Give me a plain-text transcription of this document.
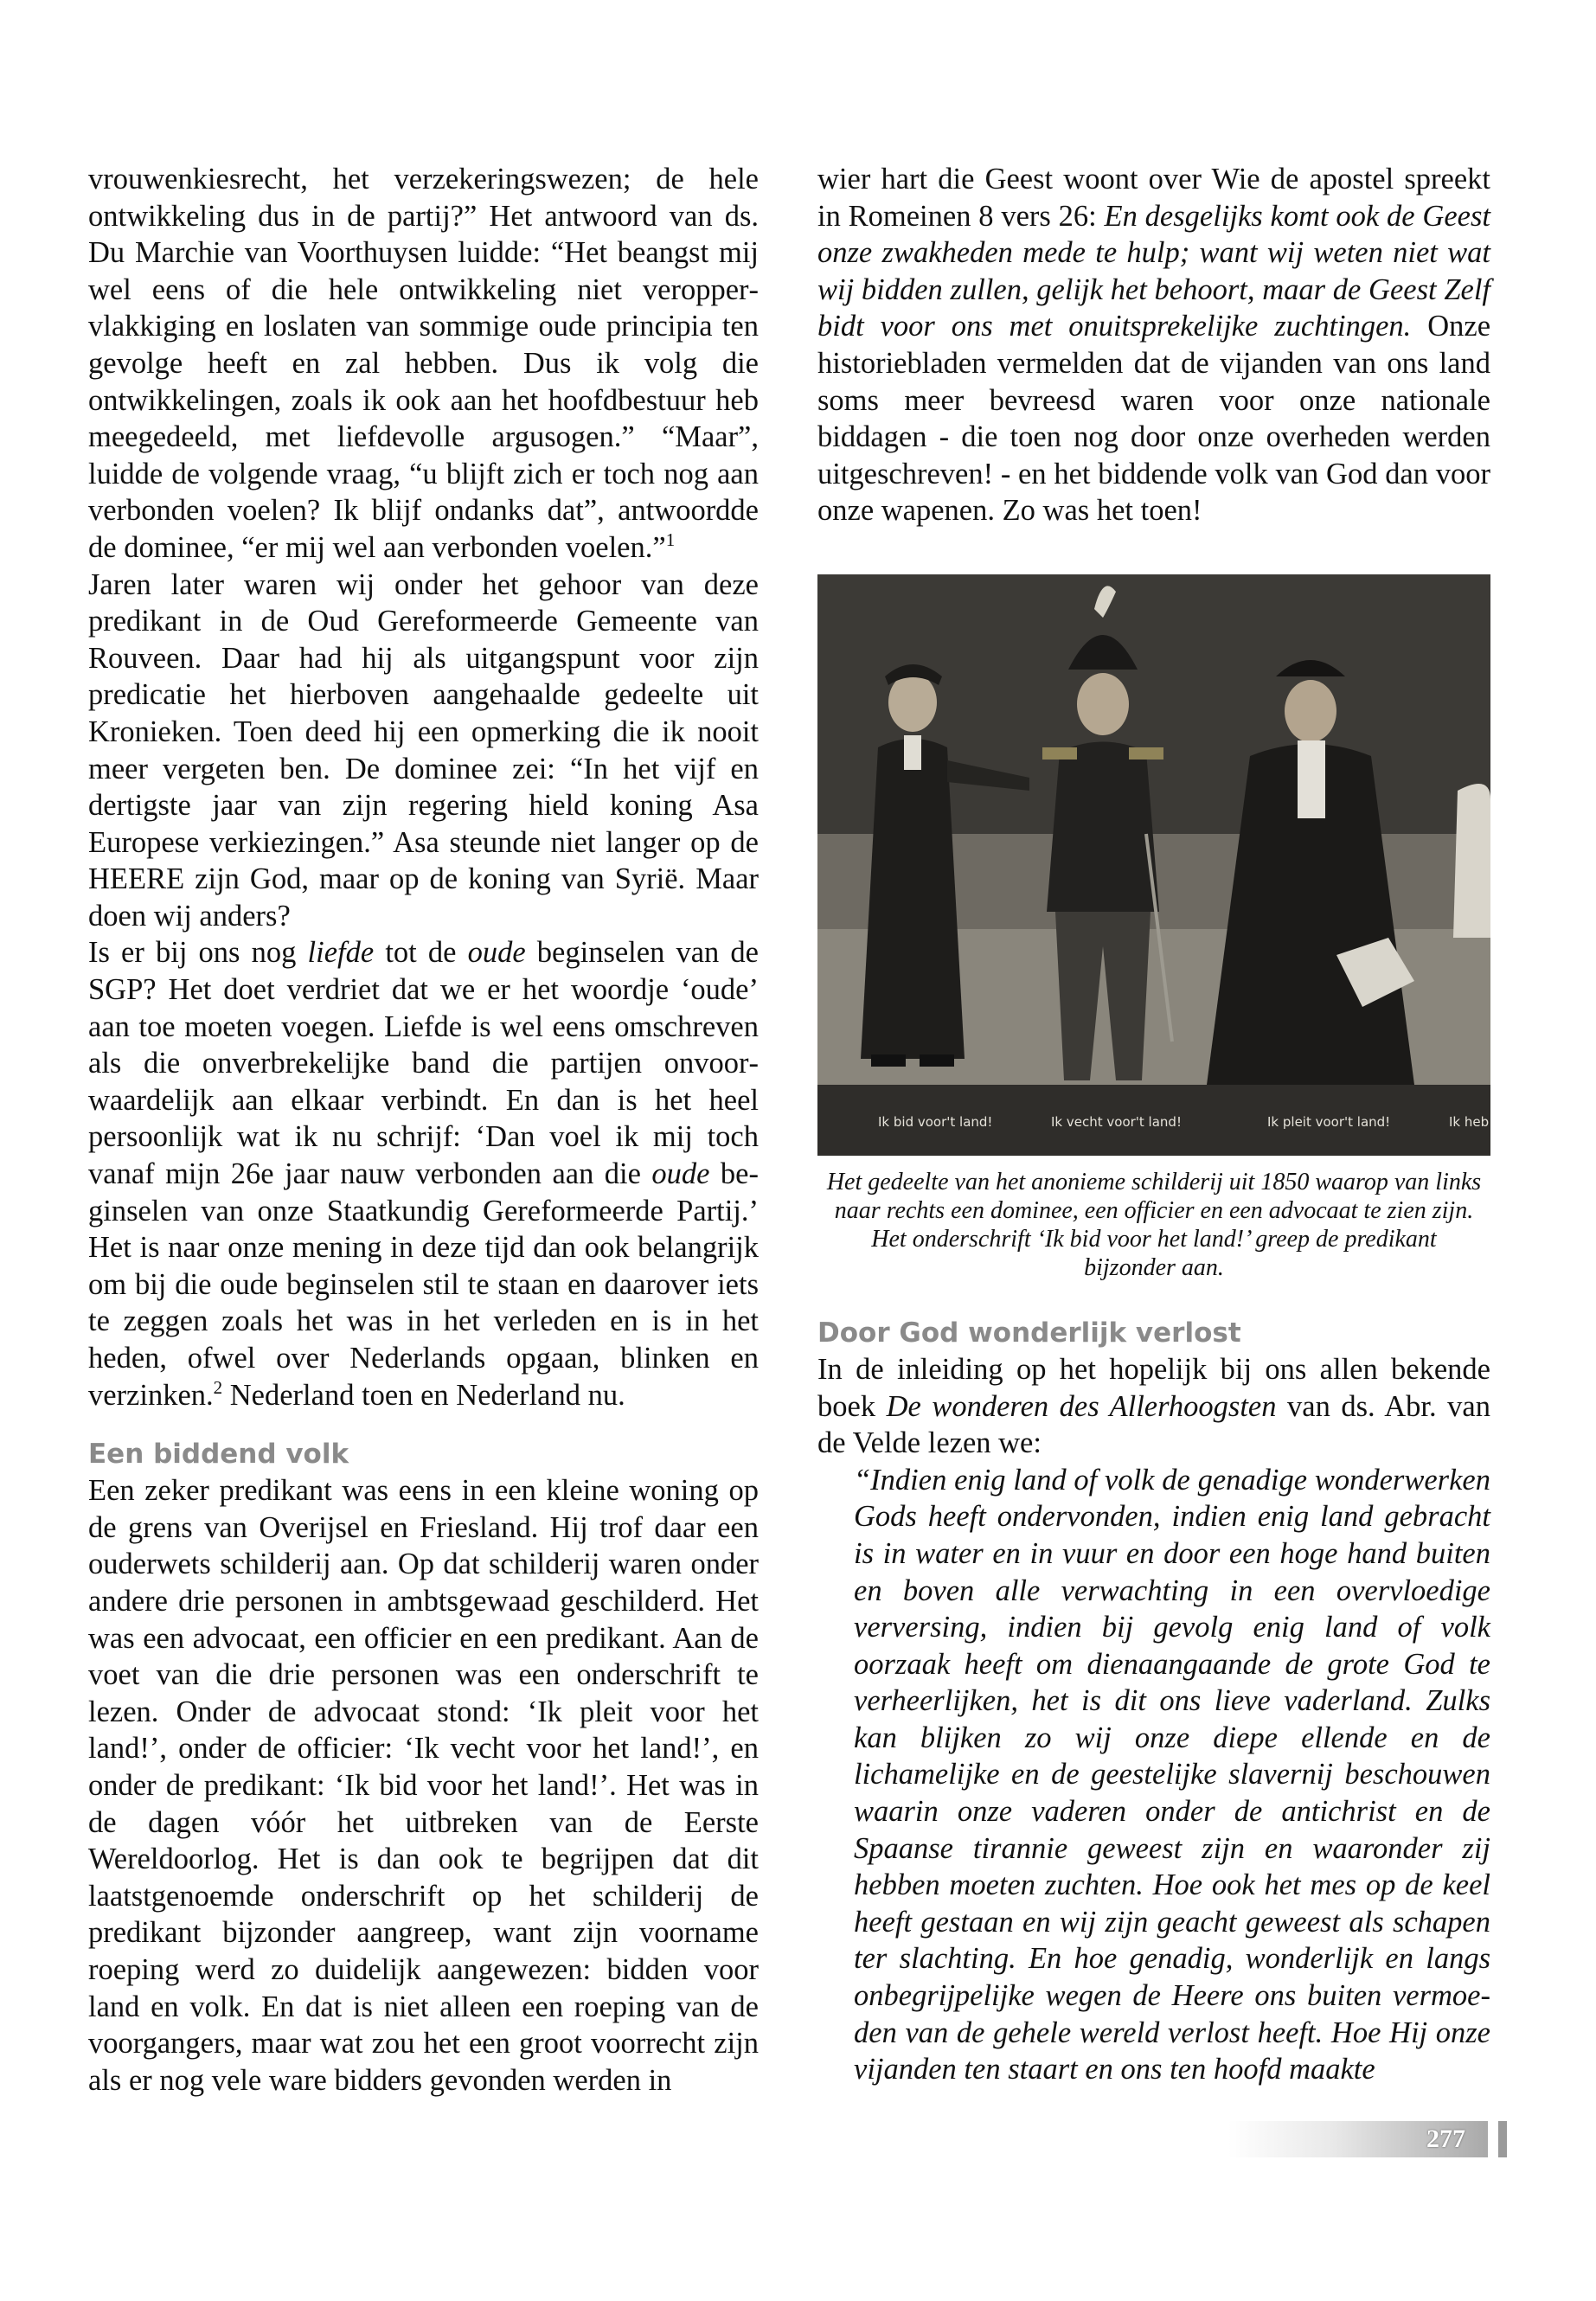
vrouwenkiesrecht, het verzekeringswezen; de hele ontwikkeling dus in de partij?” Het antwoord van ds. Du Marchie van Voorthuysen luidde: “Het beangst mij wel eens of die hele ontwikkeling niet veroppervlakkiging en loslaten van sommige oude principia ten gevolge heeft en zal hebben. Dus ik volg die ontwikkelingen, zoals ik ook aan het hoofdbestuur heb meegedeeld, met liefdevolle argusogen.” “Maar”, luidde de volgende vraag, “u blijft zich er toch nog aan verbonden voelen? Ik blijf ondanks dat”, antwoordde de dominee, “er mij wel aan verbonden voelen.”$^1$

Jaren later waren wij onder het gehoor van deze predikant in de Oud Gereformeerde Gemeente van Rouveen. Daar had hij als uitgangspunt voor zijn predicatie het hierboven aangehaalde gedeelte uit Kronieken. Toen deed hij een opmerking die ik nooit meer vergeten ben. De dominee zei: “In het vijf en dertigste jaar van zijn regering hield koning Asa Europese verkiezingen.” Asa steunde niet langer op de HEERE zijn God, maar op de koning van Syrië. Maar doen wij anders?

Is er bij ons nog liefde tot de oude beginselen van de SGP? Het doet verdriet dat we er het woordje ‘oude’ aan toe moeten voegen. Liefde is wel eens omschreven als die onverbrekelijke band die partijen onvoorwaardelijk aan elkaar verbindt. En dan is het heel persoonlijk wat ik nu schrijf: ‘Dan voel ik mij toch vanaf mijn 26e jaar nauw verbonden aan die oude beginselen van onze Staatkundig Gereformeerde Partij.’ Het is naar onze mening in deze tijd dan ook belangrijk om bij die oude beginselen stil te staan en daarover iets te zeggen zoals het was in het verleden en is in het heden, ofwel over Nederlands opgaan, blinken en verzinken.$^2$ Nederland toen en Nederland nu.

Een biddend volk

Een zeker predikant was eens in een kleine woning op de grens van Overijsel en Friesland. Hij trof daar een ouderwets schilderij aan. Op dat schilderij waren onder andere drie personen in ambtsgewaad geschilderd. Het was een advocaat, een officier en een predikant. Aan de voet van die drie personen was een onderschrift te lezen. Onder de advocaat stond: ‘Ik pleit voor het land!’, onder de officier: ‘Ik vecht voor het land!’, en onder de predikant: ‘Ik bid voor het land!’. Het was in de dagen vóór het uitbreken van de Eerste Wereldoorlog. Het is dan ook te begrijpen dat dit laatstgenoemde onderschrift op het schilderij de predikant bijzonder aangreep, want zijn voorname roeping werd zo duidelijk aangewezen: bidden voor land en volk. En dat is niet alleen een roeping van de voorgangers, maar wat zou het een groot voorrecht zijn als er nog vele ware bidders gevonden werden in

wier hart die Geest woont over Wie de apostel spreekt in Romeinen 8 vers 26: En desgelijks komt ook de Geest onze zwakheden mede te hulp; want wij weten niet wat wij bidden zullen, gelijk het behoort, maar de Geest Zelf bidt voor ons met onuitsprekelijke zuchtingen. Onze historiebladen vermelden dat de vijanden van ons land soms meer bevreesd waren voor onze nationale biddagen - die toen nog door onze overheden werden uitgeschreven! - en het biddende volk van God dan voor onze wapenen. Zo was het toen!

Ik bid voor't land!	Ik vecht voor't land!	Ik pleit voor't land!	Ik heb
Het gedeelte van het anonieme schilderij uit 1850 waarop van links naar rechts een dominee, een officier en een advocaat te zien zijn. Het onderschrift ‘Ik bid voor het land!’ greep de predikant bijzonder aan.
Door God wonderlijk verlost

In de inleiding op het hopelijk bij ons allen bekende boek De wonderen des Allerhoogsten van ds. Abr. van de Velde lezen we:

“Indien enig land of volk de genadige wonderwerken Gods heeft ondervonden, indien enig land gebracht is in water en in vuur en door een hoge hand buiten en boven alle verwachting in een overvloedige verversing, indien bij gevolg enig land of volk oorzaak heeft om dienaangaande de grote God te verheerlijken, het is dit ons lieve vaderland. Zulks kan blijken zo wij onze diepe ellende en de lichamelijke en de geestelijke slavernij beschouwen waarin onze vaderen onder de antichrist en de Spaanse tirannie geweest zijn en waaronder zij hebben moeten zuchten. Hoe ook het mes op de keel heeft gestaan en wij zijn geacht geweest als schapen ter slachting. En hoe genadig, wonderlijk en langs onbegrijpelijke wegen de Heere ons buiten vermoeden van de gehele wereld verlost heeft. Hoe Hij onze vijanden ten staart en ons ten hoofd maakte

277
